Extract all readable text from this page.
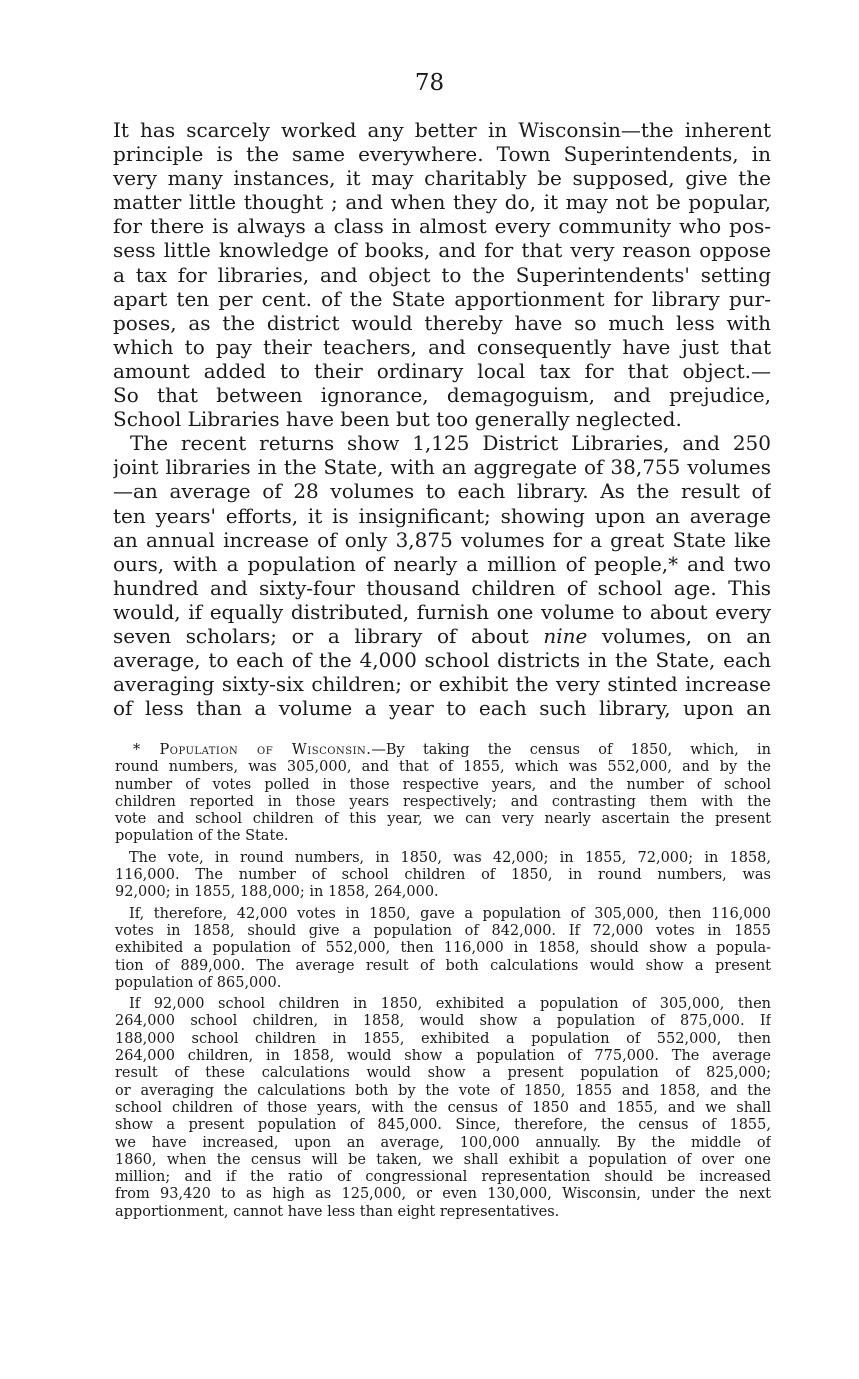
78
It has scarcely worked any better in Wisconsin—the inherent
principle is the same everywhere. Town Superintendents, in
very many instances, it may charitably be supposed, give the
matter little thought ; and when they do, it may not be popular,
for there is always a class in almost every community who pos-
sess little knowledge of books, and for that very reason oppose
a tax for libraries, and object to the Superintendents' setting
apart ten per cent. of the State apportionment for library pur-
poses, as the district would thereby have so much less with
which to pay their teachers, and consequently have just that
amount added to their ordinary local tax for that object.—
So that between ignorance, demagoguism, and prejudice,
School Libraries have been but too generally neglected.
The recent returns show 1,125 District Libraries, and 250
joint libraries in the State, with an aggregate of 38,755 volumes
—an average of 28 volumes to each library. As the result of
ten years' efforts, it is insignificant; showing upon an average
an annual increase of only 3,875 volumes for a great State like
ours, with a population of nearly a million of people,* and two
hundred and sixty-four thousand children of school age. This
would, if equally distributed, furnish one volume to about every
seven scholars; or a library of about nine volumes, on an
average, to each of the 4,000 school districts in the State, each
averaging sixty-six children; or exhibit the very stinted increase
of less than a volume a year to each such library, upon an
* Population of Wisconsin.—By taking the census of 1850, which, in
round numbers, was 305,000, and that of 1855, which was 552,000, and by the
number of votes polled in those respective years, and the number of school
children reported in those years respectively; and contrasting them with the
vote and school children of this year, we can very nearly ascertain the present
population of the State.
The vote, in round numbers, in 1850, was 42,000; in 1855, 72,000; in 1858,
116,000. The number of school children of 1850, in round numbers, was
92,000; in 1855, 188,000; in 1858, 264,000.
If, therefore, 42,000 votes in 1850, gave a population of 305,000, then 116,000
votes in 1858, should give a population of 842,000. If 72,000 votes in 1855
exhibited a population of 552,000, then 116,000 in 1858, should show a popula-
tion of 889,000. The average result of both calculations would show a present
population of 865,000.
If 92,000 school children in 1850, exhibited a population of 305,000, then
264,000 school children, in 1858, would show a population of 875,000. If
188,000 school children in 1855, exhibited a population of 552,000, then
264,000 children, in 1858, would show a population of 775,000. The average
result of these calculations would show a present population of 825,000;
or averaging the calculations both by the vote of 1850, 1855 and 1858, and the
school children of those years, with the census of 1850 and 1855, and we shall
show a present population of 845,000. Since, therefore, the census of 1855,
we have increased, upon an average, 100,000 annually. By the middle of
1860, when the census will be taken, we shall exhibit a population of over one
million; and if the ratio of congressional representation should be increased
from 93,420 to as high as 125,000, or even 130,000, Wisconsin, under the next
apportionment, cannot have less than eight representatives.
